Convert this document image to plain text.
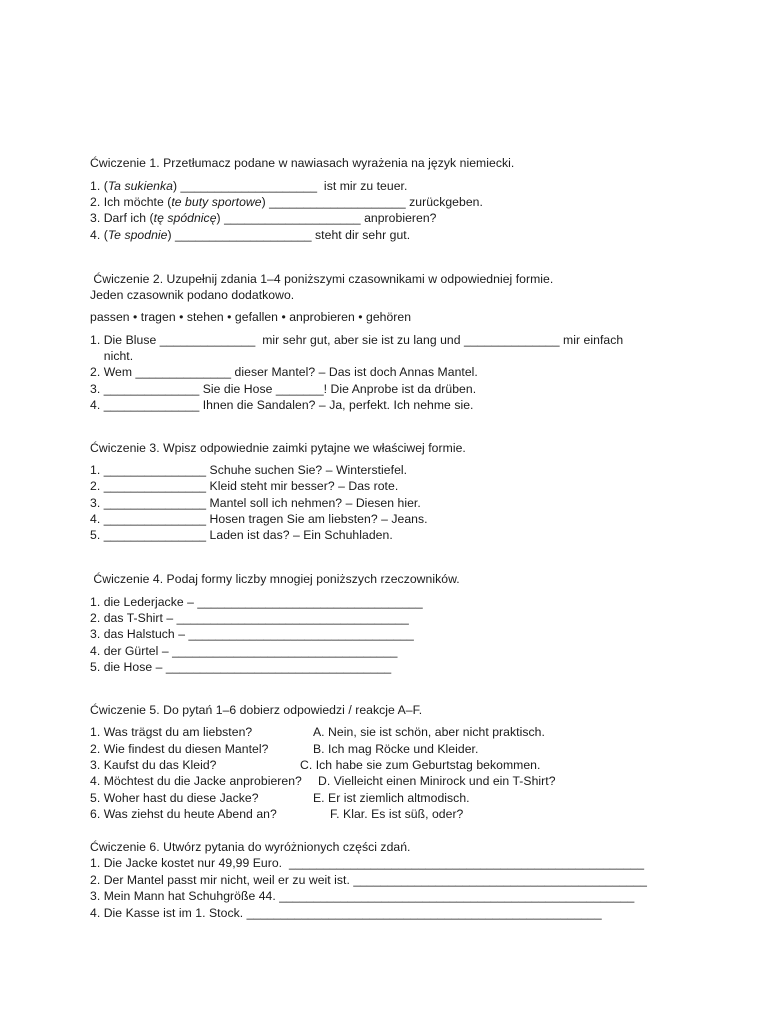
Ćwiczenie 1. Przetłumacz podane w nawiasach wyrażenia na język niemiecki.
1. (Ta sukienka) ____________________  ist mir zu teuer.
2. Ich möchte (te buty sportowe) ____________________ zurückgeben.
3. Darf ich (tę spódnicę) ____________________ anprobieren?
4. (Te spodnie) ____________________ steht dir sehr gut.
Ćwiczenie 2. Uzupełnij zdania 1–4 poniższymi czasownikami w odpowiedniej formie.
Jeden czasownik podano dodatkowo.
passen • tragen • stehen • gefallen • anprobieren • gehören
1. Die Bluse ______________  mir sehr gut, aber sie ist zu lang und ______________ mir einfach
nicht.
2. Wem ______________ dieser Mantel? – Das ist doch Annas Mantel.
3. ______________ Sie die Hose _______! Die Anprobe ist da drüben.
4. ______________ Ihnen die Sandalen? – Ja, perfekt. Ich nehme sie.
Ćwiczenie 3. Wpisz odpowiednie zaimki pytajne we właściwej formie.
1. _______________ Schuhe suchen Sie? – Winterstiefel.
2. _______________ Kleid steht mir besser? – Das rote.
3. _______________ Mantel soll ich nehmen? – Diesen hier.
4. _______________ Hosen tragen Sie am liebsten? – Jeans.
5. _______________ Laden ist das? – Ein Schuhladen.
Ćwiczenie 4. Podaj formy liczby mnogiej poniższych rzeczowników.
1. die Lederjacke – _________________________________
2. das T-Shirt – __________________________________
3. das Halstuch – _________________________________
4. der Gürtel – _________________________________
5. die Hose – _________________________________
Ćwiczenie 5. Do pytań 1–6 dobierz odpowiedzi / reakcje A–F.
1. Was trägst du am liebsten?	A. Nein, sie ist schön, aber nicht praktisch.
2. Wie findest du diesen Mantel?	B. Ich mag Röcke und Kleider.
3. Kaufst du das Kleid?	C. Ich habe sie zum Geburtstag bekommen.
4. Möchtest du die Jacke anprobieren? D. Vielleicht einen Minirock und ein T-Shirt?
5. Woher hast du diese Jacke?	E. Er ist ziemlich altmodisch.
6. Was ziehst du heute Abend an?	F. Klar. Es ist süß, oder?
Ćwiczenie 6. Utwórz pytania do wyróżnionych części zdań.
1. Die Jacke kostet nur 49,99 Euro.  ____________________________________________________
2. Der Mantel passt mir nicht, weil er zu weit ist. ___________________________________________
3. Mein Mann hat Schuhgröße 44. ____________________________________________________
4. Die Kasse ist im 1. Stock. ____________________________________________________
